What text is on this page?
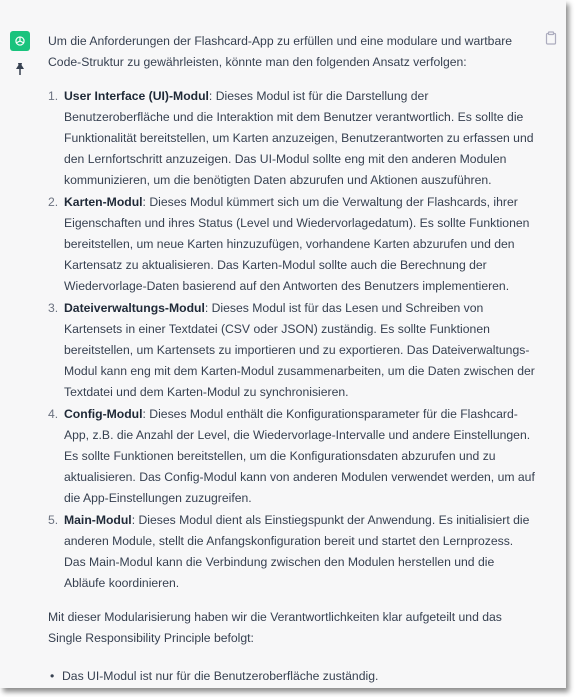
Um die Anforderungen der Flashcard-App zu erfüllen und eine modulare und wartbare Code-Struktur zu gewährleisten, könnte man den folgenden Ansatz verfolgen:

1. User Interface (UI)-Modul: Dieses Modul ist für die Darstellung der Benutzeroberfläche und die Interaktion mit dem Benutzer verantwortlich. Es sollte die Funktionalität bereitstellen, um Karten anzuzeigen, Benutzerantworten zu erfassen und den Lernfortschritt anzuzeigen. Das UI-Modul sollte eng mit den anderen Modulen kommunizieren, um die benötigten Daten abzurufen und Aktionen auszuführen.
2. Karten-Modul: Dieses Modul kümmert sich um die Verwaltung der Flashcards, ihrer Eigenschaften und ihres Status (Level und Wiedervorlagedatum). Es sollte Funktionen bereitstellen, um neue Karten hinzuzufügen, vorhandene Karten abzurufen und den Kartensatz zu aktualisieren. Das Karten-Modul sollte auch die Berechnung der Wiedervorlage-Daten basierend auf den Antworten des Benutzers implementieren.
3. Dateiverwaltungs-Modul: Dieses Modul ist für das Lesen und Schreiben von Kartensets in einer Textdatei (CSV oder JSON) zuständig. Es sollte Funktionen bereitstellen, um Kartensets zu importieren und zu exportieren. Das Dateiverwaltungs-Modul kann eng mit dem Karten-Modul zusammenarbeiten, um die Daten zwischen der Textdatei und dem Karten-Modul zu synchronisieren.
4. Config-Modul: Dieses Modul enthält die Konfigurationsparameter für die Flashcard-App, z.B. die Anzahl der Level, die Wiedervorlage-Intervalle und andere Einstellungen. Es sollte Funktionen bereitstellen, um die Konfigurationsdaten abzurufen und zu aktualisieren. Das Config-Modul kann von anderen Modulen verwendet werden, um auf die App-Einstellungen zuzugreifen.
5. Main-Modul: Dieses Modul dient als Einstiegspunkt der Anwendung. Es initialisiert die anderen Module, stellt die Anfangskonfiguration bereit und startet den Lernprozess. Das Main-Modul kann die Verbindung zwischen den Modulen herstellen und die Abläufe koordinieren.

Mit dieser Modularisierung haben wir die Verantwortlichkeiten klar aufgeteilt und das Single Responsibility Principle befolgt:

• Das UI-Modul ist nur für die Benutzeroberfläche zuständig.
